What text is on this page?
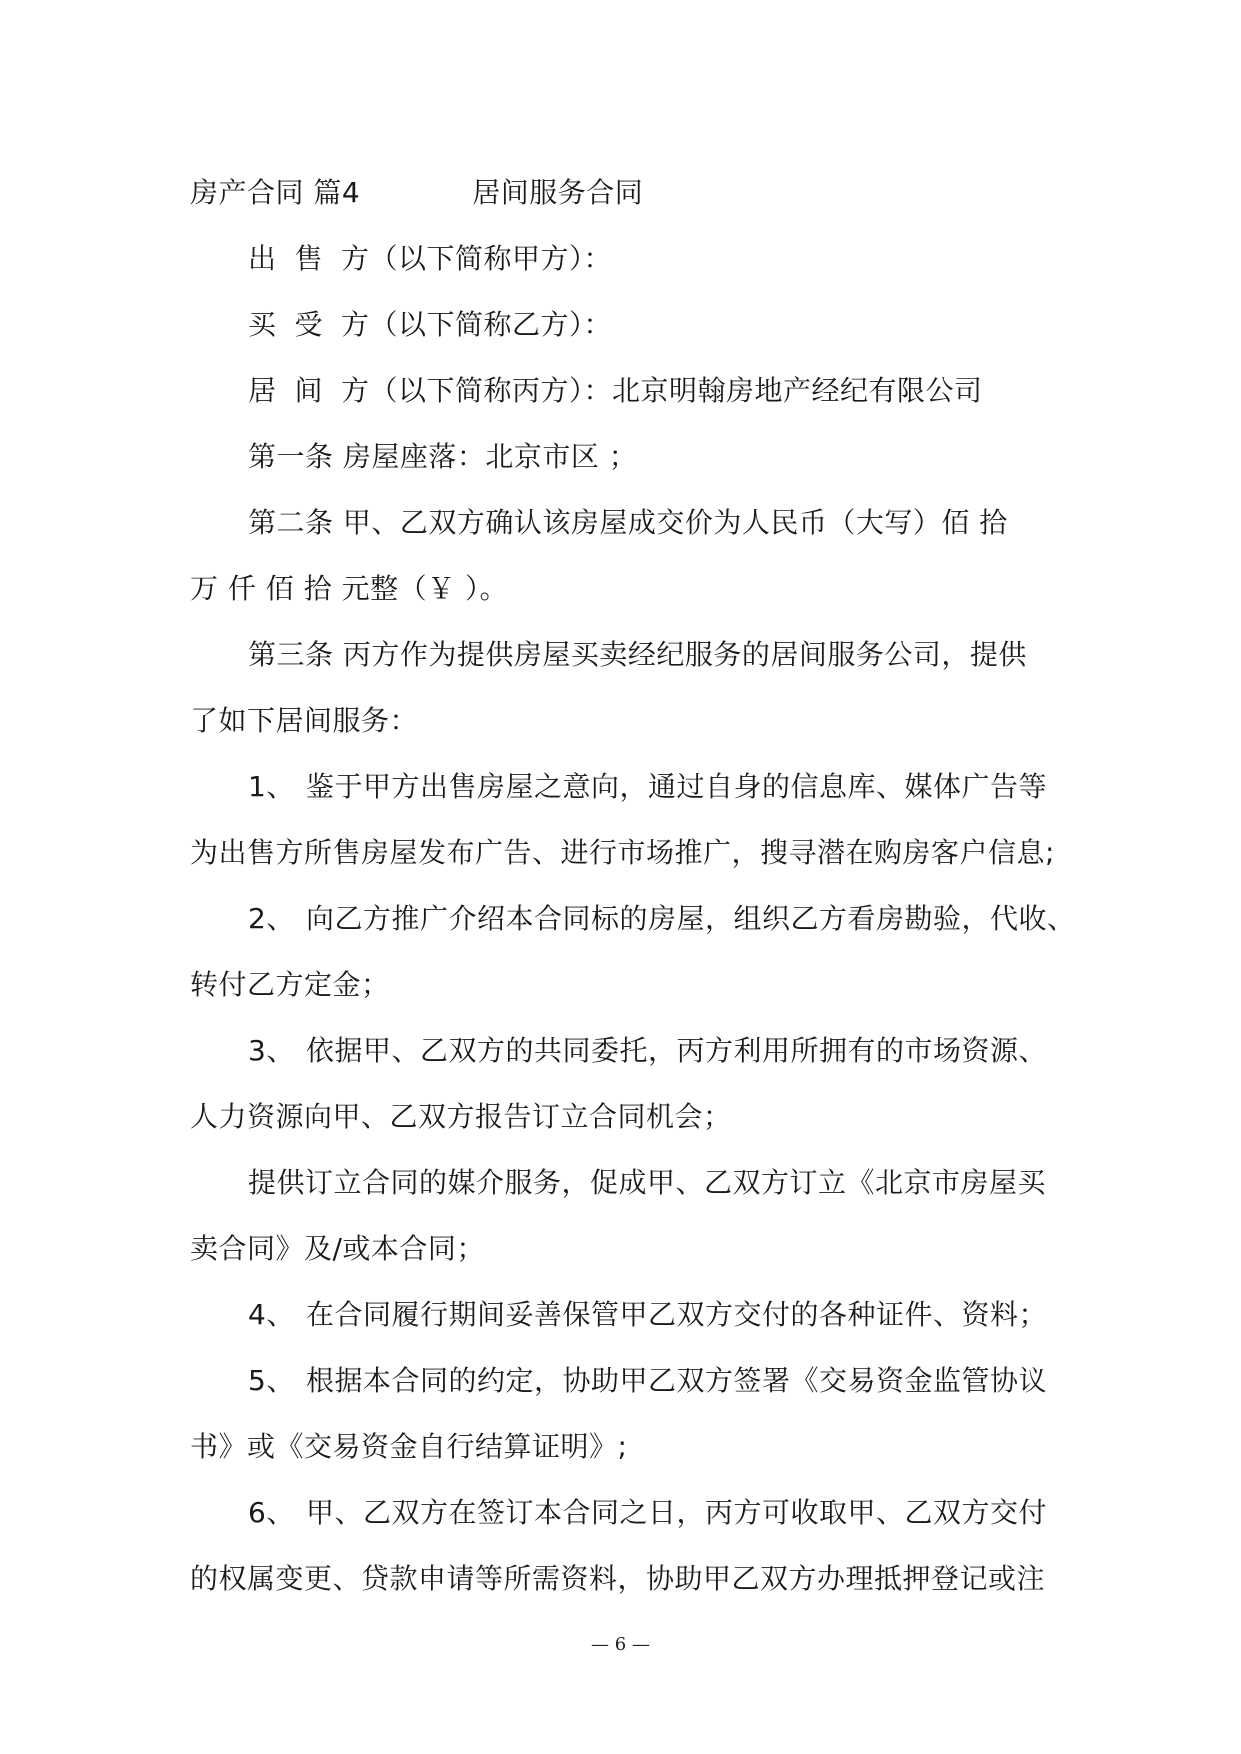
房产合同 篇4	居间服务合同
出 售 方（以下简称甲方）：
买 受 方（以下简称乙方）：
居 间 方（以下简称丙方）：北京明翰房地产经纪有限公司
第一条 房屋座落：北京市区 ；
第二条 甲、乙双方确认该房屋成交价为人民币（大写）佰 拾
万 仟 佰 拾 元整（￥ ）。
第三条 丙方作为提供房屋买卖经纪服务的居间服务公司，提供
了如下居间服务：
1、 鉴于甲方出售房屋之意向，通过自身的信息库、媒体广告等
为出售方所售房屋发布广告、进行市场推广，搜寻潜在购房客户信息;
2、 向乙方推广介绍本合同标的房屋，组织乙方看房勘验，代收、
转付乙方定金；
3、 依据甲、乙双方的共同委托，丙方利用所拥有的市场资源、
人力资源向甲、乙双方报告订立合同机会；
提供订立合同的媒介服务，促成甲、乙双方订立《北京市房屋买
卖合同》及/或本合同；
4、 在合同履行期间妥善保管甲乙双方交付的各种证件、资料；
5、 根据本合同的约定，协助甲乙双方签署《交易资金监管协议
书》或《交易资金自行结算证明》;
6、 甲、乙双方在签订本合同之日，丙方可收取甲、乙双方交付
的权属变更、贷款申请等所需资料，协助甲乙双方办理抵押登记或注
— 6 —
